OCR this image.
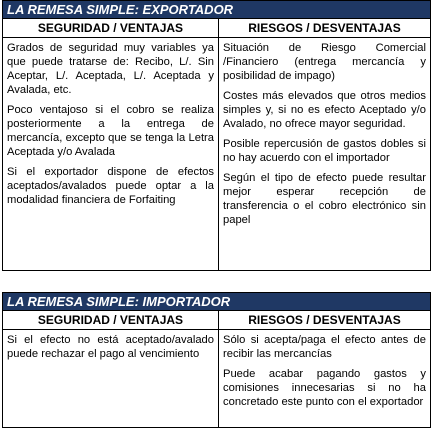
LA REMESA SIMPLE: EXPORTADOR
SEGURIDAD / VENTAJAS

Grados de seguridad muy variables ya que puede tratarse de: Recibo, L/. Sin Aceptar, L/. Aceptada, L/. Aceptada y Avalada, etc.

Poco ventajoso si el cobro se realiza posteriormente a la entrega de mercancía, excepto que se tenga la Letra Aceptada y/o Avalada

Si el exportador dispone de efectos aceptados/avalados puede optar a la modalidad financiera de Forfaiting

RIESGOS / DESVENTAJAS

Situación de Riesgo Comercial /Financiero (entrega mercancía y posibilidad de impago)

Costes más elevados que otros medios simples y, si no es efecto Aceptado y/o Avalado, no ofrece mayor seguridad.

Posible repercusión de gastos dobles si no hay acuerdo con el importador

Según el tipo de efecto puede resultar mejor esperar recepción de transferencia o el cobro electrónico sin papel

LA REMESA SIMPLE: IMPORTADOR
SEGURIDAD / VENTAJAS

Si el efecto no está aceptado/avalado puede rechazar el pago al vencimiento

RIESGOS / DESVENTAJAS

Sólo si acepta/paga el efecto antes de recibir las mercancías

Puede acabar pagando gastos y comisiones innecesarias si no ha concretado este punto con el exportador
